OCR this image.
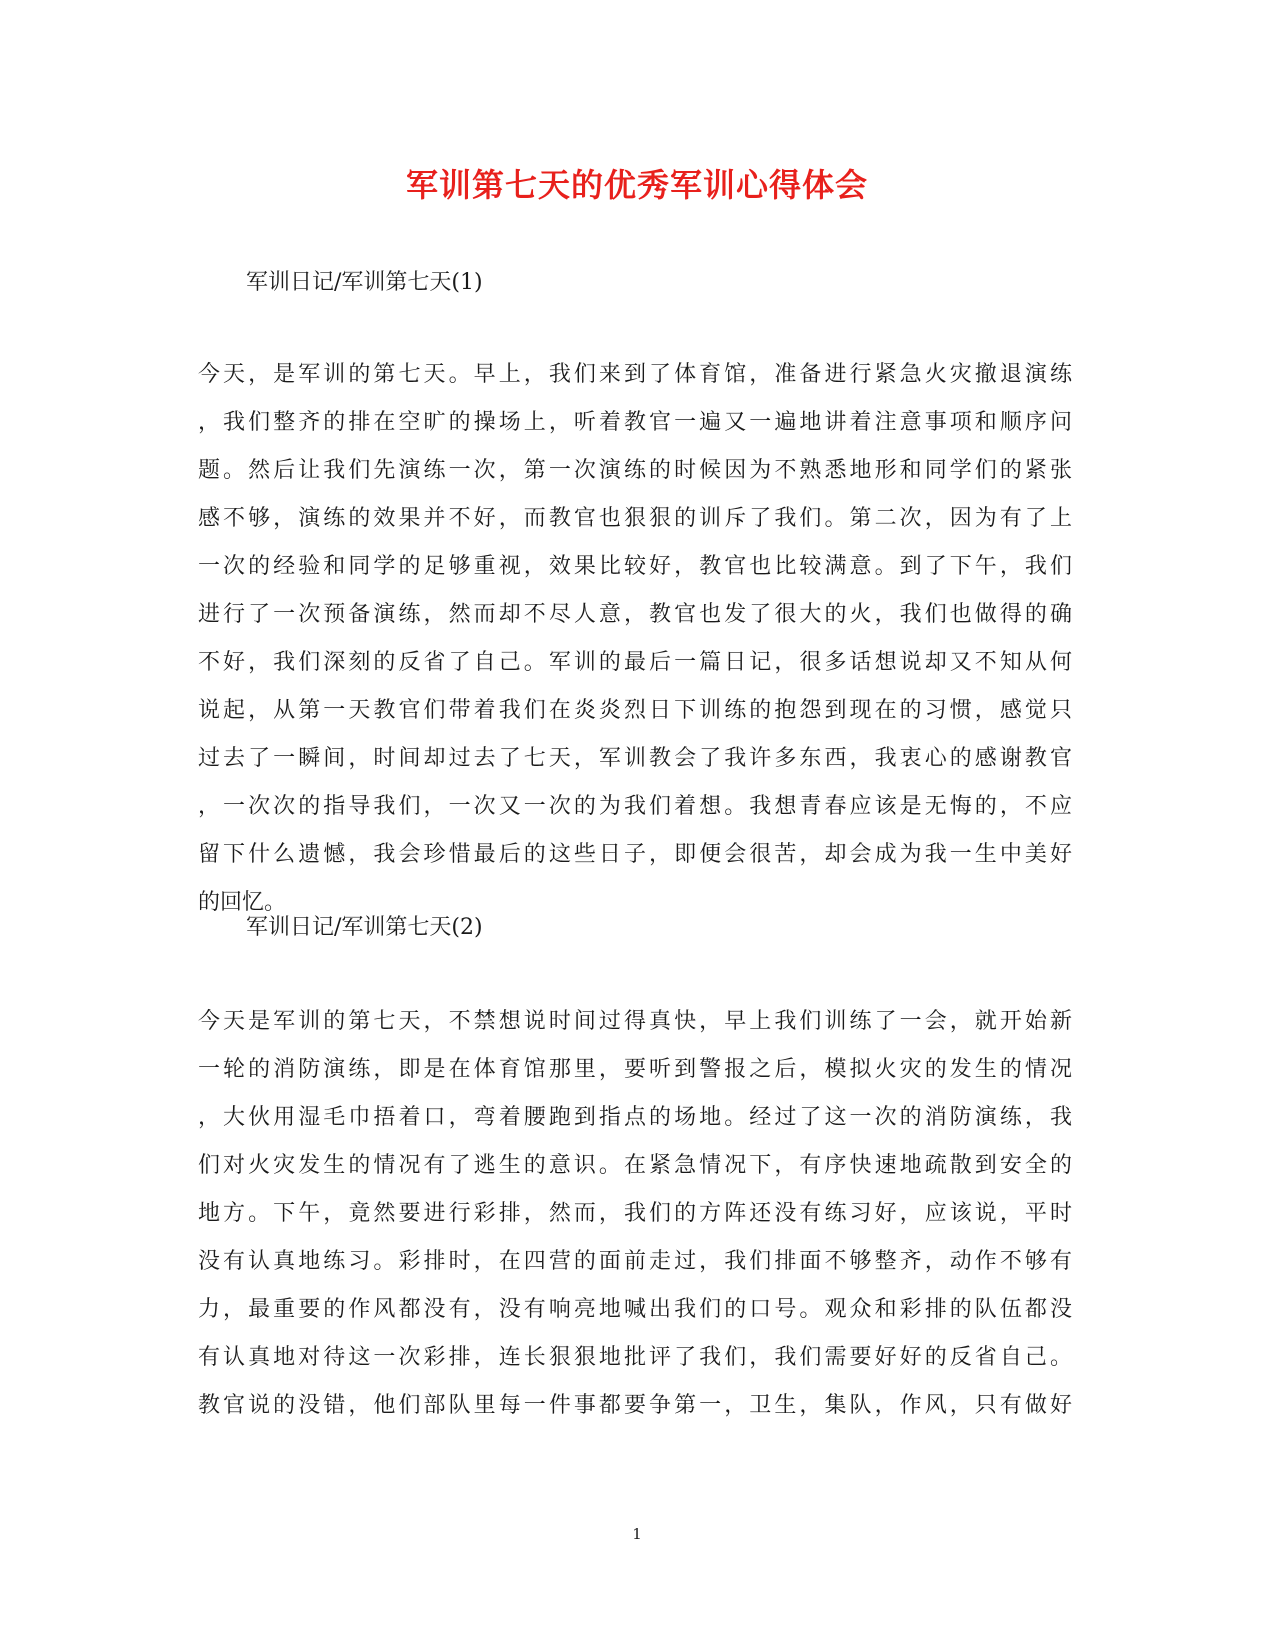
军训第七天的优秀军训心得体会

军训日记/军训第七天(1)

今天，是军训的第七天。早上，我们来到了体育馆，准备进行紧急火灾撤退演练
，我们整齐的排在空旷的操场上，听着教官一遍又一遍地讲着注意事项和顺序问
题。然后让我们先演练一次，第一次演练的时候因为不熟悉地形和同学们的紧张
感不够，演练的效果并不好，而教官也狠狠的训斥了我们。第二次，因为有了上
一次的经验和同学的足够重视，效果比较好，教官也比较满意。到了下午，我们
进行了一次预备演练，然而却不尽人意，教官也发了很大的火，我们也做得的确
不好，我们深刻的反省了自己。军训的最后一篇日记，很多话想说却又不知从何
说起，从第一天教官们带着我们在炎炎烈日下训练的抱怨到现在的习惯，感觉只
过去了一瞬间，时间却过去了七天，军训教会了我许多东西，我衷心的感谢教官
，一次次的指导我们，一次又一次的为我们着想。我想青春应该是无悔的，不应
留下什么遗憾，我会珍惜最后的这些日子，即便会很苦，却会成为我一生中美好
的回忆。

军训日记/军训第七天(2)

今天是军训的第七天，不禁想说时间过得真快，早上我们训练了一会，就开始新
一轮的消防演练，即是在体育馆那里，要听到警报之后，模拟火灾的发生的情况
，大伙用湿毛巾捂着口，弯着腰跑到指点的场地。经过了这一次的消防演练，我
们对火灾发生的情况有了逃生的意识。在紧急情况下，有序快速地疏散到安全的
地方。下午，竟然要进行彩排，然而，我们的方阵还没有练习好，应该说，平时
没有认真地练习。彩排时，在四营的面前走过，我们排面不够整齐，动作不够有
力，最重要的作风都没有，没有响亮地喊出我们的口号。观众和彩排的队伍都没
有认真地对待这一次彩排，连长狠狠地批评了我们，我们需要好好的反省自己。
教官说的没错，他们部队里每一件事都要争第一，卫生，集队，作风，只有做好

1
